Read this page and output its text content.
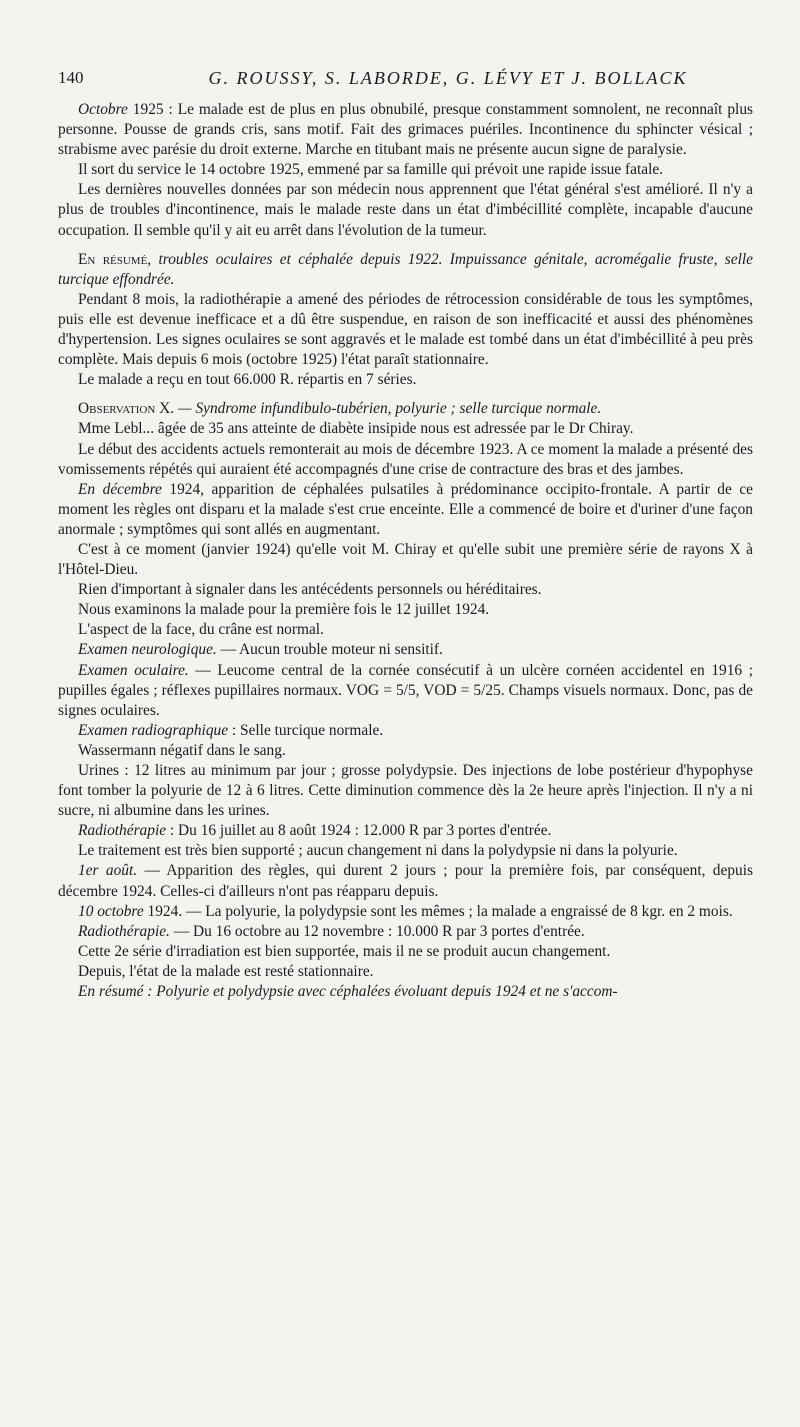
140	G. ROUSSY, S. LABORDE, G. LÉVY ET J. BOLLACK

Octobre 1925 : Le malade est de plus en plus obnubilé, presque constamment somnolent, ne reconnaît plus personne. Pousse de grands cris, sans motif. Fait des grimaces puériles. Incontinence du sphincter vésical ; strabisme avec parésie du droit externe. Marche en titubant mais ne présente aucun signe de paralysie.

Il sort du service le 14 octobre 1925, emmené par sa famille qui prévoit une rapide issue fatale.

Les dernières nouvelles données par son médecin nous apprennent que l'état général s'est amélioré. Il n'y a plus de troubles d'incontinence, mais le malade reste dans un état d'imbécillité complète, incapable d'aucune occupation. Il semble qu'il y ait eu arrêt dans l'évolution de la tumeur.

En résumé, troubles oculaires et céphalée depuis 1922. Impuissance génitale, acromégalie fruste, selle turcique effondrée.

Pendant 8 mois, la radiothérapie a amené des périodes de rétrocession considérable de tous les symptômes, puis elle est devenue inefficace et a dû être suspendue, en raison de son inefficacité et aussi des phénomènes d'hypertension. Les signes oculaires se sont aggravés et le malade est tombé dans un état d'imbécillité à peu près complète. Mais depuis 6 mois (octobre 1925) l'état paraît stationnaire.

Le malade a reçu en tout 66.000 R. répartis en 7 séries.

Observation X. — Syndrome infundibulo-tubérien, polyurie ; selle turcique normale.

Mme Lebl... âgée de 35 ans atteinte de diabète insipide nous est adressée par le Dr Chiray.

Le début des accidents actuels remonterait au mois de décembre 1923. A ce moment la malade a présenté des vomissements répétés qui auraient été accompagnés d'une crise de contracture des bras et des jambes.

En décembre 1924, apparition de céphalées pulsatiles à prédominance occipito-frontale. A partir de ce moment les règles ont disparu et la malade s'est crue enceinte. Elle a commencé de boire et d'uriner d'une façon anormale ; symptômes qui sont allés en augmentant.

C'est à ce moment (janvier 1924) qu'elle voit M. Chiray et qu'elle subit une première série de rayons X à l'Hôtel-Dieu.

Rien d'important à signaler dans les antécédents personnels ou héréditaires.

Nous examinons la malade pour la première fois le 12 juillet 1924.

L'aspect de la face, du crâne est normal.

Examen neurologique. — Aucun trouble moteur ni sensitif.

Examen oculaire. — Leucome central de la cornée consécutif à un ulcère cornéen accidentel en 1916 ; pupilles égales ; réflexes pupillaires normaux. VOG = 5/5, VOD = 5/25. Champs visuels normaux. Donc, pas de signes oculaires.

Examen radiographique : Selle turcique normale.

Wassermann négatif dans le sang.

Urines : 12 litres au minimum par jour ; grosse polydypsie. Des injections de lobe postérieur d'hypophyse font tomber la polyurie de 12 à 6 litres. Cette diminution commence dès la 2e heure après l'injection. Il n'y a ni sucre, ni albumine dans les urines.

Radiothérapie : Du 16 juillet au 8 août 1924 : 12.000 R par 3 portes d'entrée.

Le traitement est très bien supporté ; aucun changement ni dans la polydypsie ni dans la polyurie.

1er août. — Apparition des règles, qui durent 2 jours ; pour la première fois, par conséquent, depuis décembre 1924. Celles-ci d'ailleurs n'ont pas réapparu depuis.

10 octobre 1924. — La polyurie, la polydypsie sont les mêmes ; la malade a engraissé de 8 kgr. en 2 mois.

Radiothérapie. — Du 16 octobre au 12 novembre : 10.000 R par 3 portes d'entrée.

Cette 2e série d'irradiation est bien supportée, mais il ne se produit aucun changement.

Depuis, l'état de la malade est resté stationnaire.

En résumé : Polyurie et polydypsie avec céphalées évoluant depuis 1924 et ne s'accom-
